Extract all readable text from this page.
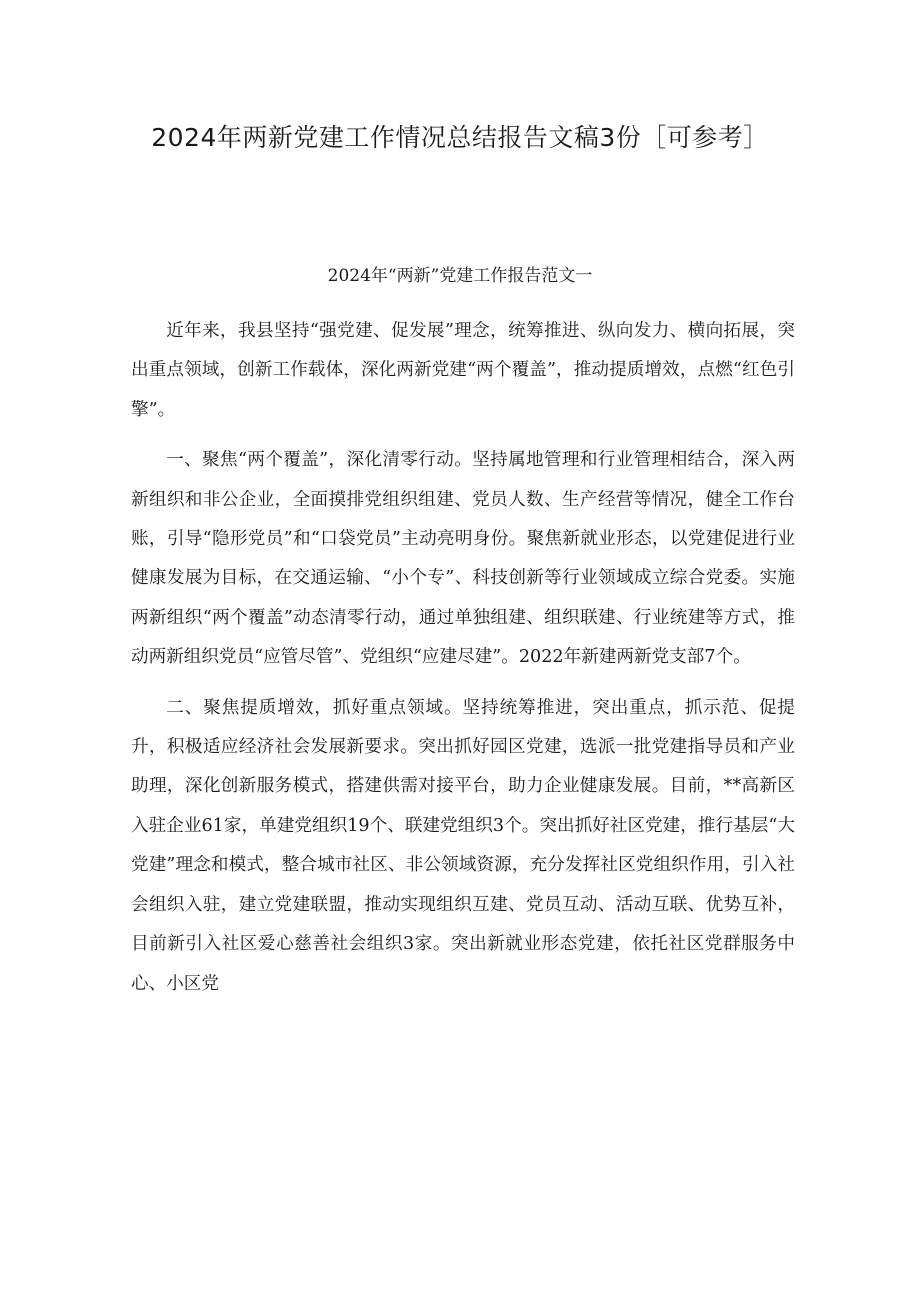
2024年两新党建工作情况总结报告文稿3份［可参考］
2024年“两新”党建工作报告范文一

近年来，我县坚持“强党建、促发展”理念，统筹推进、纵向发力、横向拓展，突出重点领域，创新工作载体，深化两新党建“两个覆盖”，推动提质增效，点燃“红色引擎”。

一、聚焦“两个覆盖”，深化清零行动。坚持属地管理和行业管理相结合，深入两新组织和非公企业，全面摸排党组织组建、党员人数、生产经营等情况，健全工作台账，引导“隐形党员”和“口袋党员”主动亮明身份。聚焦新就业形态，以党建促进行业健康发展为目标，在交通运输、“小个专”、科技创新等行业领域成立综合党委。实施两新组织“两个覆盖”动态清零行动，通过单独组建、组织联建、行业统建等方式，推动两新组织党员“应管尽管”、党组织“应建尽建”。2022年新建两新党支部7个。

二、聚焦提质增效，抓好重点领域。坚持统筹推进，突出重点，抓示范、促提升，积极适应经济社会发展新要求。突出抓好园区党建，选派一批党建指导员和产业助理，深化创新服务模式，搭建供需对接平台，助力企业健康发展。目前，**高新区入驻企业61家，单建党组织19个、联建党组织3个。突出抓好社区党建，推行基层“大党建”理念和模式，整合城市社区、非公领域资源，充分发挥社区党组织作用，引入社会组织入驻，建立党建联盟，推动实现组织互建、党员互动、活动互联、优势互补，目前新引入社区爱心慈善社会组织3家。突出新就业形态党建，依托社区党群服务中心、小区党
